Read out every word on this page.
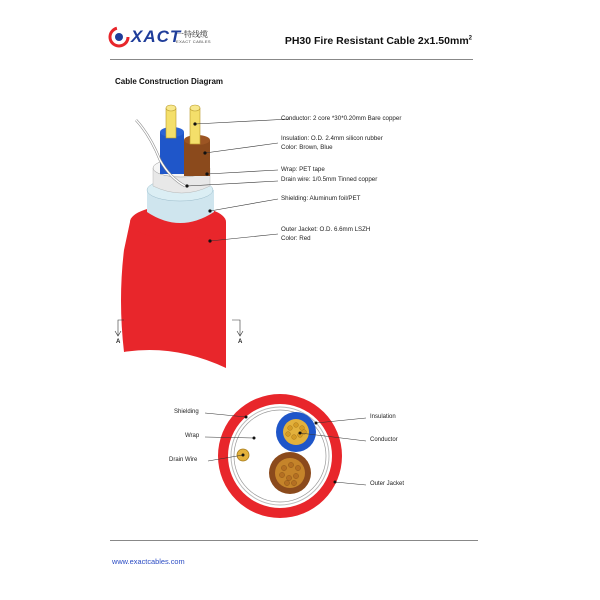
XACT
一特线缆
EXACT CABLES	PH30 Fire Resistant Cable $2x1.50mm^2$
Cable Construction Diagram
Conductor: 2 core *30*0.20mm Bare copper
Insulation: O.D. 2.4mm silicon rubber
Color: Brown, Blue
Wrap: PET tape
Drain wire: 1/0.5mm Tinned copper
Shielding: Aluminum foil/PET
Outer Jacket: O.D. 6.6mm LSZH
Color: Red
A	A
Shielding
Wrap
Drain Wire
Insulation
Conductor
Outer Jacket
www.exactcables.com
